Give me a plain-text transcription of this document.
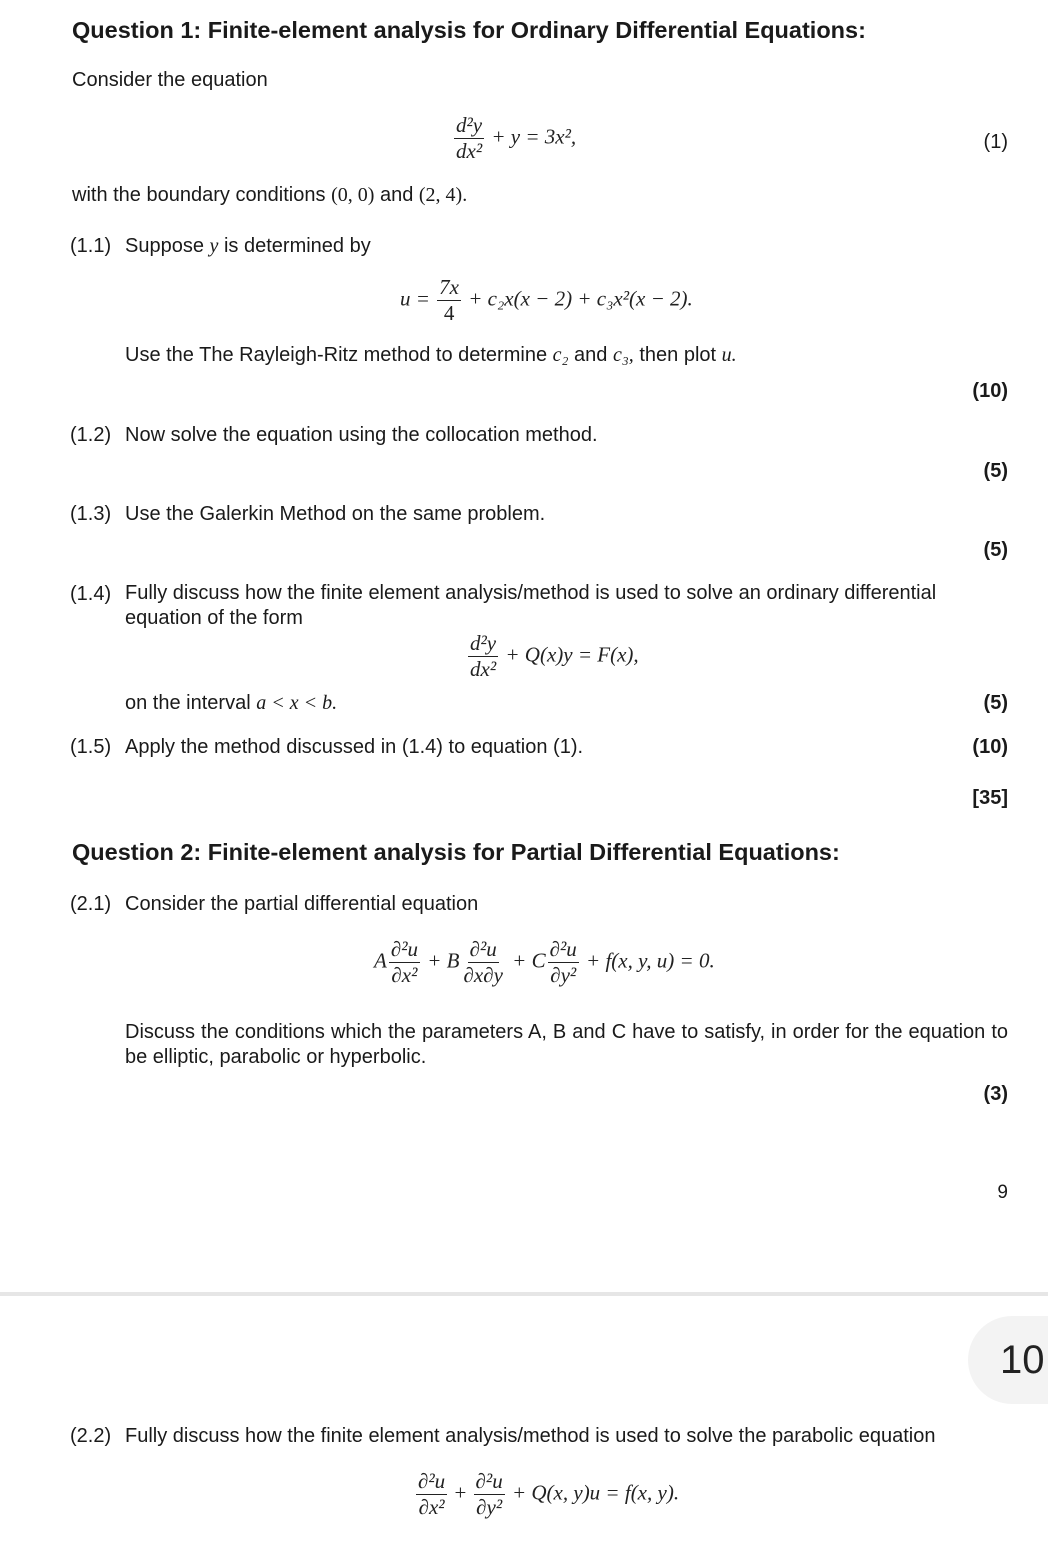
Question 1: Finite-element analysis for Ordinary Differential Equations:
Consider the equation
$\frac{\text{d²y}}{\text{dx²}} + y = 3x^2$,	(1)
with the boundary conditions (0, 0) and (2, 4).
(1.1) Suppose y is determined by
$u = \frac{7x}{4} + c_2x(x - 2) + c_3x^2(x - 2)$.
Use the The Rayleigh-Ritz method to determine c₂ and c₃, then plot u.
(10)
(1.2) Now solve the equation using the collocation method.
(5)
(1.3) Use the Galerkin Method on the same problem.
(5)
(1.4) Fully discuss how the finite element analysis/method is used to solve an ordinary differential equation of the form
$\frac{\text{d²y}}{\text{dx²}} + Q(x)y = F(x)$,
on the interval a < x < b.	(5)
(1.5) Apply the method discussed in (1.4) to equation (1).	(10)
[35]
Question 2: Finite-element analysis for Partial Differential Equations:
(2.1) Consider the partial differential equation
A $\frac{\text{∂²u}}{\text{∂x²}} + B \frac{\text{∂²u}}{\partial x\partial y} + C \frac{\text{∂²u}}{\text{∂y²}} + f(x$, y, u) = 0.
Discuss the conditions which the parameters A, B and C have to satisfy, in order for the equation to be elliptic, parabolic or hyperbolic.
(3)
9
10
(2.2) Fully discuss how the finite element analysis/method is used to solve the parabolic equation
$\frac{\text{∂²u}}{\text{∂x²}} + \frac{\text{∂²u}}{\text{∂y²}} + Q(x$, y)u = f(x, y).
